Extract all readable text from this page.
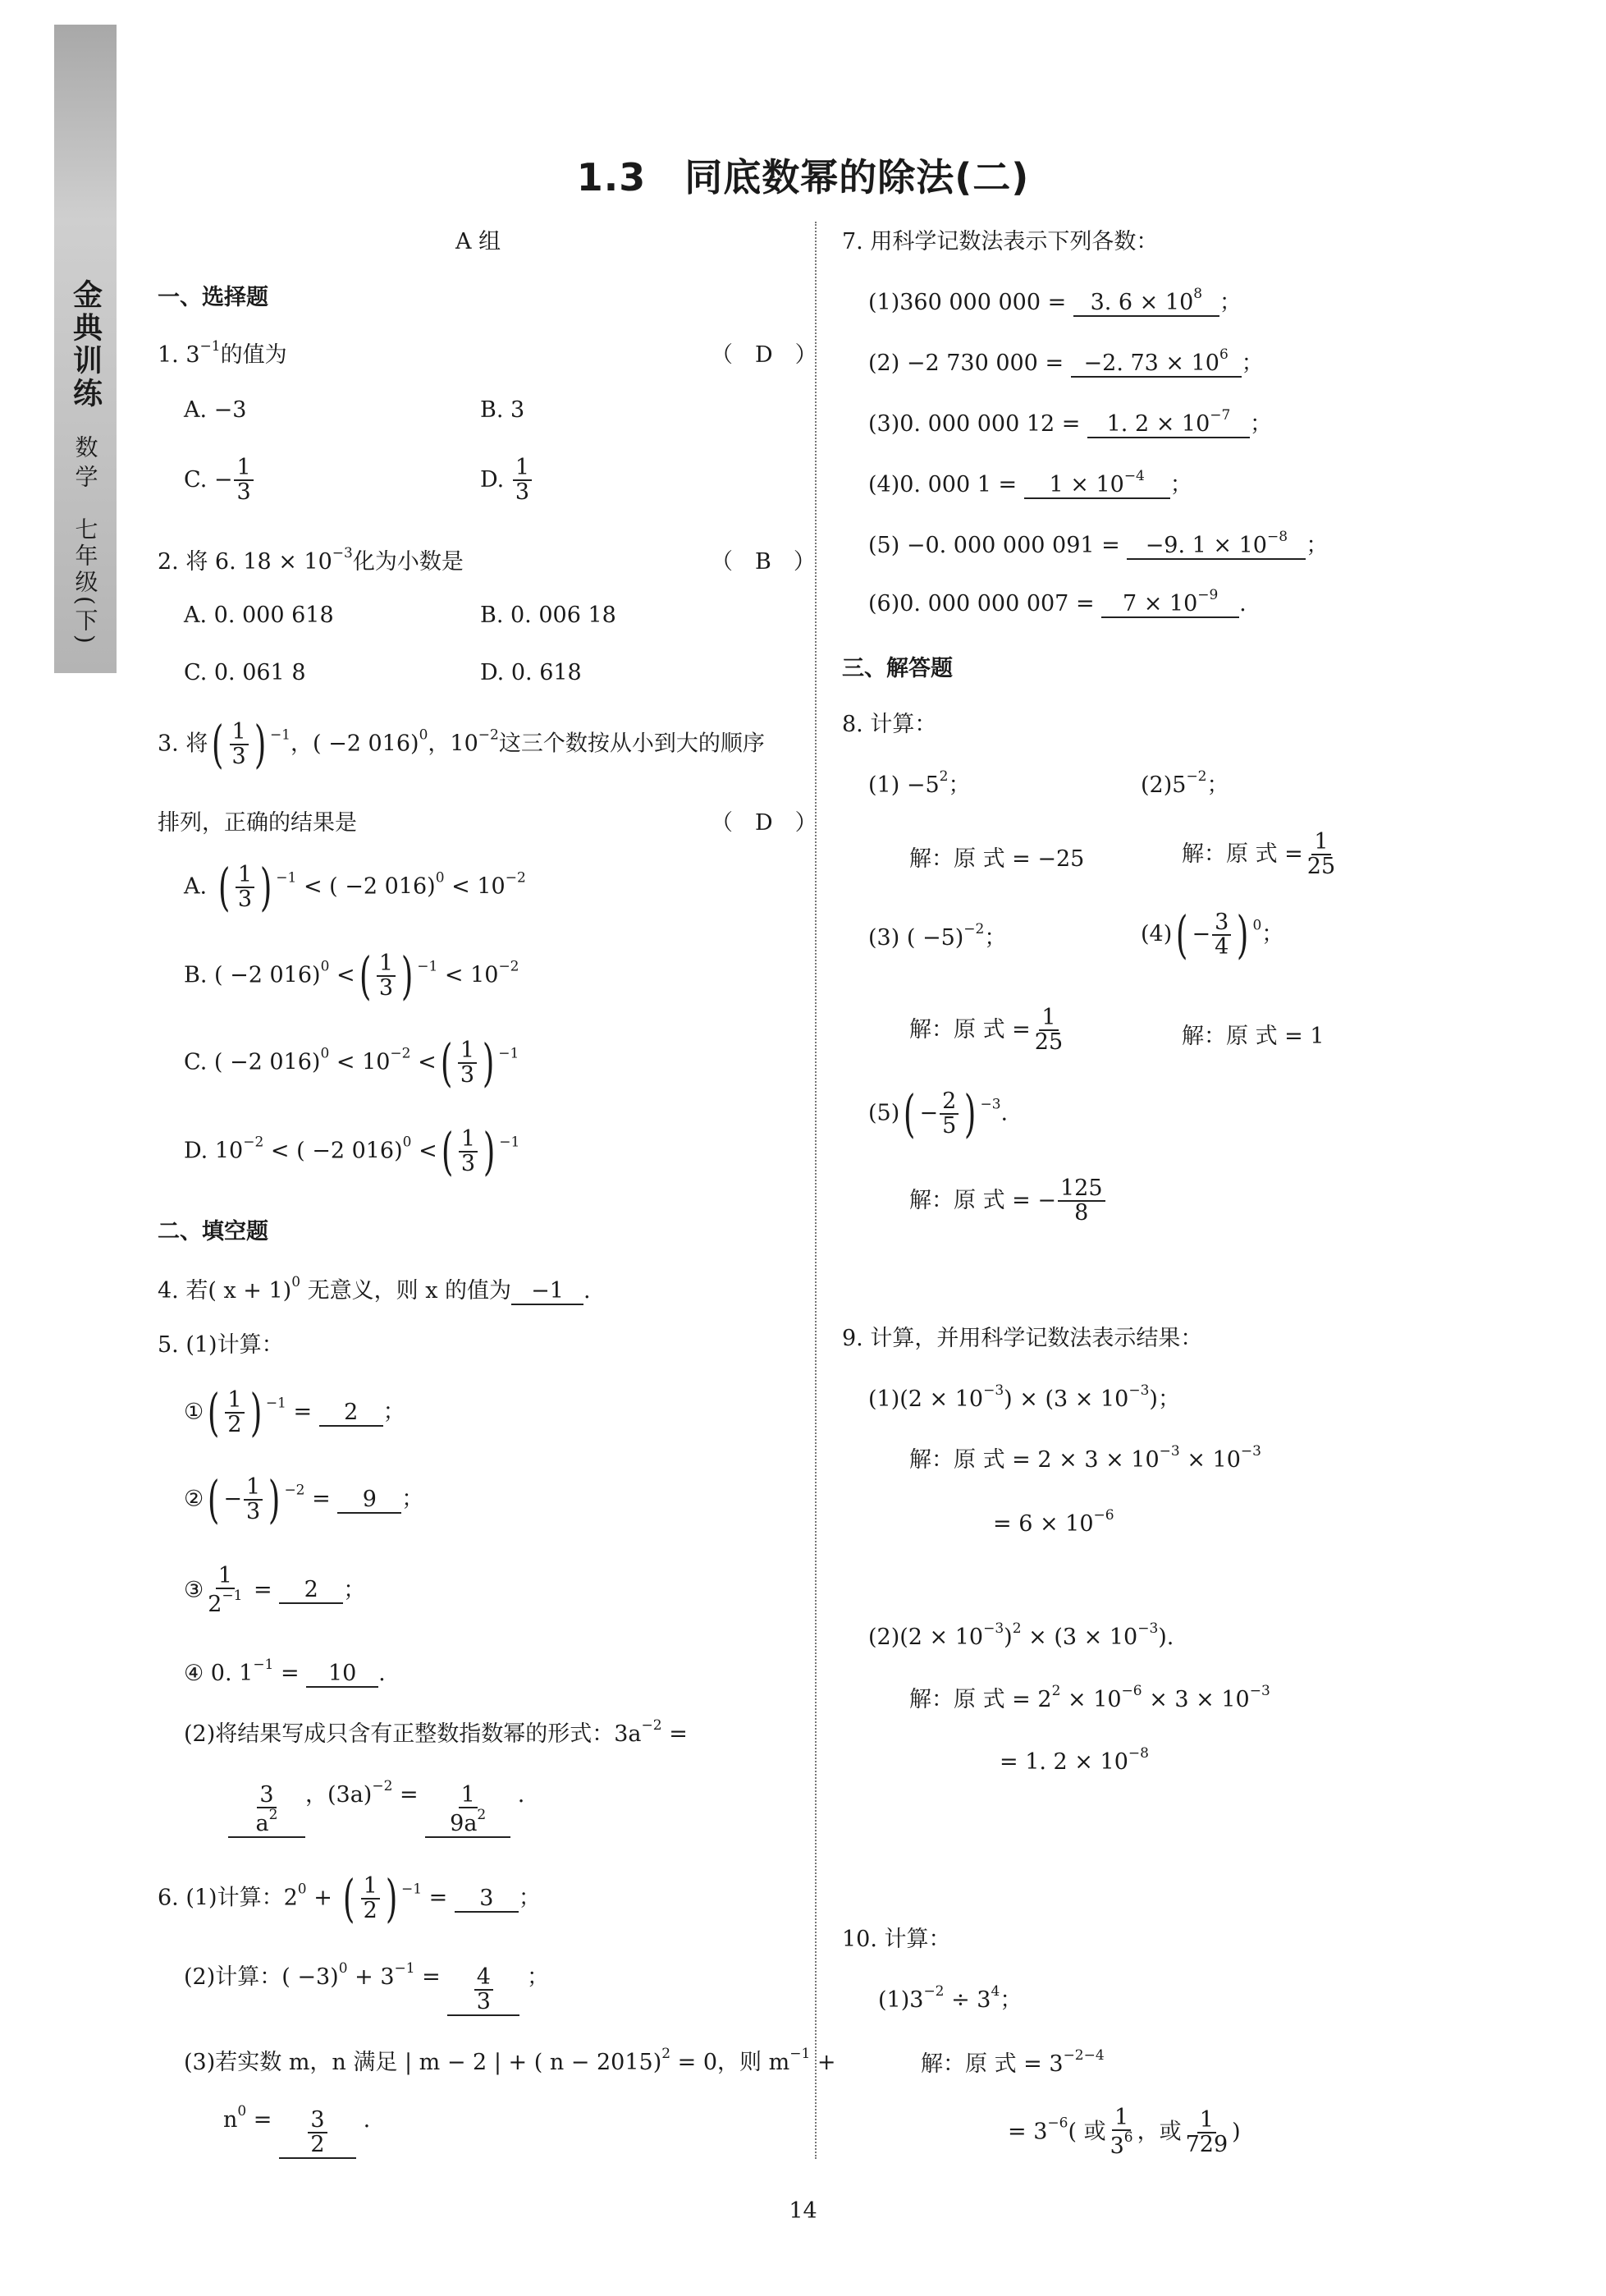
金典训练
数学
七年级(下)
1.3　同底数幂的除法(二)
A 组
一、选择题
1. $3^{-1}$的值为	（　D　）
A. −3	B. 3
C. − $\frac{1}{3}$	D. $\frac{1}{3}$
2. 将 6. $18 \times 10^{-3}$化为小数是	（　B　）
A. 0. 000 618	B. 0. 006 18
C. 0. 061 8	D. 0. 618
3. 将( $\frac{1}{3}$ ) $^{-1}$，( −2 016)$^0$，$10^{-2}$这三个数按从小到大的顺序
排列，正确的结果是	（　D　）
A. ( $\frac{1}{3}$ ) $^{-1}$ < ( −2 $016)^0 < 10^{-2}$
B. ( −2 016)$^0$ <( $\frac{1}{3}$ ) $^{-1} < 10^{-2}$
C. ( −2 $016)^0 < 10^{-2}$ <( $\frac{1}{3}$ ) $^{-1}$
D. $10^{-2}$ < ( −2 016)$^0$ <( $\frac{1}{3}$ ) $^{-1}$
二、填空题
4. 若( x + 1)$^0$ 无意义，则 x 的值为 −1 .
5. (1)计算：
①( $\frac{1}{2}$ ) $^{-1}$ = 2 ；
②( − $\frac{1}{3}$ ) $^{-2}$ = 9 ；
③ $\frac{1}{2^{-1}} = 2$ ；
④ 0. $1^{-1} = 10$ .
(2)将结果写成只含有正整数指数幂的形式：$3a^{-2}$ =
$\frac{3}{a^2}$ ，$(3a)^{-2} = \frac{1}{9a^2}$ .
6. (1)计算：$2^0$ + ( $\frac{1}{2}$ ) $^{-1}$ = 3 ；
(2)计算：( $-3)^0 + 3^{-1} = \frac{4}{3}$ ；
(3)若实数 m，n 满足 | m − 2 | + ( n − 2015)$^2$ = 0，则 $m^{-1}$ +
$n^0 = \frac{3}{2}$ .
7. 用科学记数法表示下列各数：
(1)360 000 000 = 3. $6 \times 10^8$ ；
(2) −2 730 000 = −2. $73 \times 10^6$ ；
(3)0. 000 000 12 = 1. $2 \times 10^{-7}$ ；
(4)0. 000 $1 = 1 \times 10^{-4}$ ；
(5) −0. 000 000 091 = −9. $1 \times 10^{-8}$ ；
(6)0. 000 000 $007 = 7 \times 10^{-9}$ .
三、解答题
8. 计算：
$(1) -5^2$；	$(2)5^{-2}$；
解：原 式 = −25	解：原 式 = $\frac{1}{25}$
(3) ( −5)$^{-2}$；	$(4)( - \frac{3}{4}$ ) $^0$；
解：原 式 = $\frac{1}{25}$	解：原 式 = 1
$(5)( - \frac{2}{5}$ ) $^{-3}$.
解：原 式 = − $\frac{125}{8}$
9. 计算，并用科学记数法表示结果：
$(1)(2 \times 10^{-3}) \times (3 \times 10^{-3})$；
解：原 式 = $2 \times 3 \times 10^{-3} \times 10^{-3}$
= $6 \times 10^{-6}$
$(2)(2 \times 10^{-3})^2 \times (3 \times 10^{-3})$.
解：原 式 = $2^2 \times 10^{-6} \times 3 \times 10^{-3}$
= 1. $2 \times 10^{-8}$
10. 计算：
$(1)3^{-2} \div 3^4$；
解：原 式 = $3^{-2-4}$
= $3^{-6}$( 或 $\frac{1}{3^6}$ ，或 $\frac{1}{729}$ )
14
